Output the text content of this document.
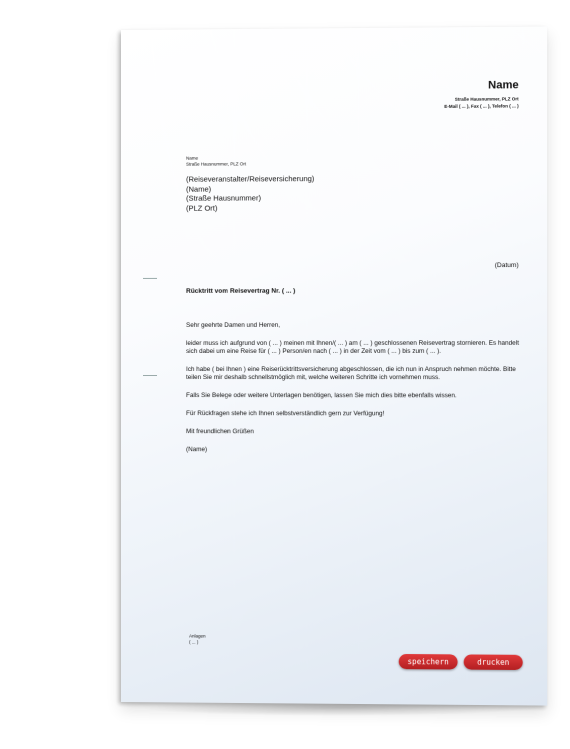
Name
Straße Hausnummer, PLZ Ort
E-Mail ( ... ), Fax ( ... ), Telefon ( ... )
Name
Straße Hausnummer, PLZ Ort
(Reiseveranstalter/Reiseversicherung)
(Name)
(Straße Hausnummer)
(PLZ Ort)
(Datum)
Rücktritt vom Reisevertrag Nr. ( ... )

Sehr geehrte Damen und Herren,

leider muss ich aufgrund von ( ... ) meinen mit Ihnen/( ... ) am ( ... ) geschlossenen Reisevertrag stornieren. Es handelt sich dabei um eine Reise für ( ... ) Person/en nach ( ... ) in der Zeit vom ( ... ) bis zum ( ... ).

Ich habe ( bei Ihnen ) eine Reiserücktrittsversicherung abgeschlossen, die ich nun in Anspruch nehmen möchte. Bitte teilen Sie mir deshalb schnellstmöglich mit, welche weiteren Schritte ich vornehmen muss.

Falls Sie Belege oder weitere Unterlagen benötigen, lassen Sie mich dies bitte ebenfalls wissen.

Für Rückfragen stehe ich Ihnen selbstverständlich gern zur Verfügung!

Mit freundlichen Grüßen

(Name)

Anlagen
( ... )
speichern	drucken
